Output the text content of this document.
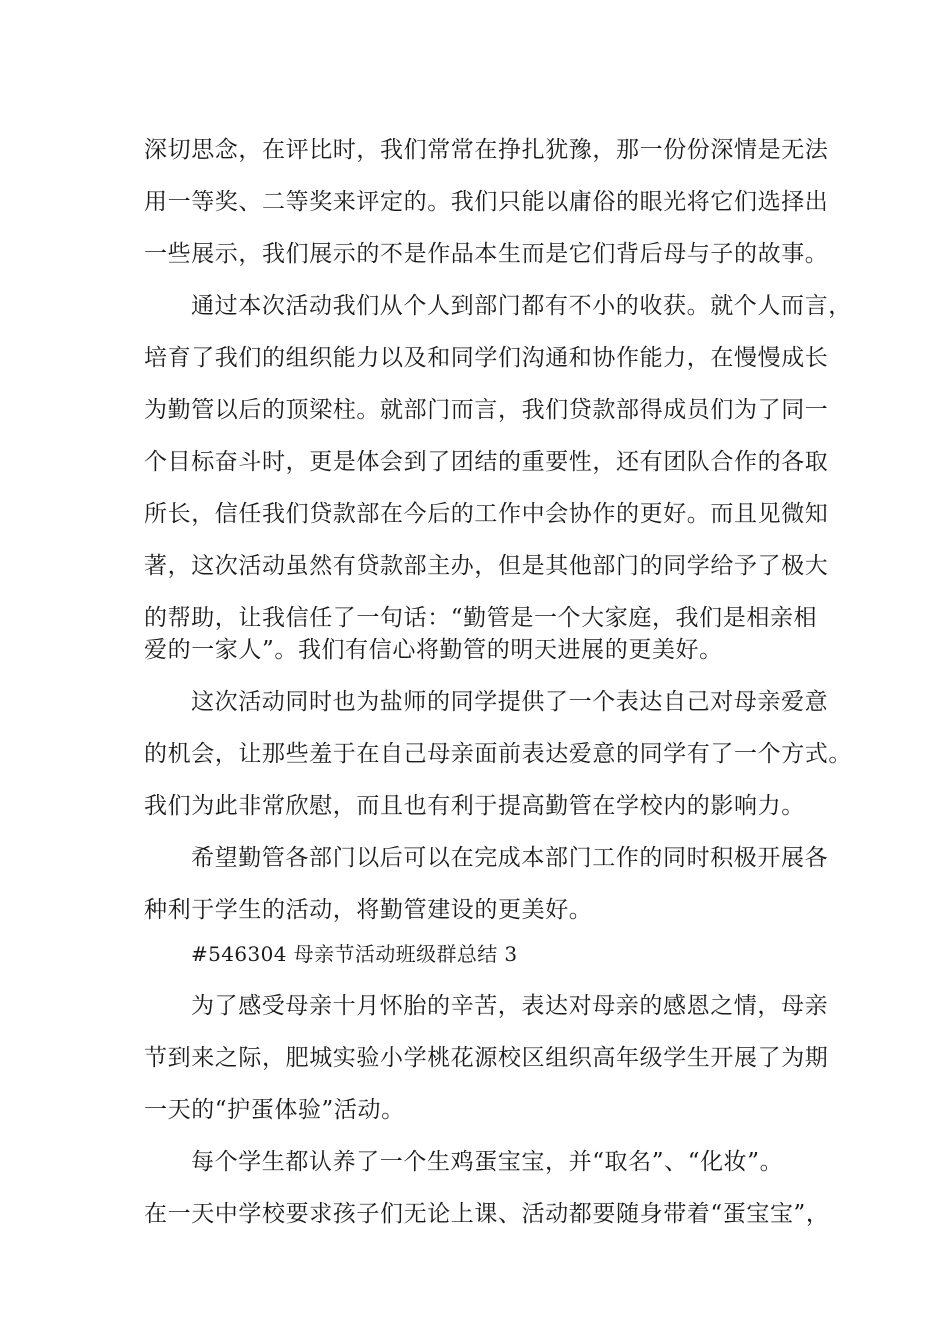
深切思念，在评比时，我们常常在挣扎犹豫，那一份份深情是无法
用一等奖、二等奖来评定的。我们只能以庸俗的眼光将它们选择出
一些展示，我们展示的不是作品本生而是它们背后母与子的故事。
通过本次活动我们从个人到部门都有不小的收获。就个人而言，
培育了我们的组织能力以及和同学们沟通和协作能力，在慢慢成长
为勤管以后的顶梁柱。就部门而言，我们贷款部得成员们为了同一
个目标奋斗时，更是体会到了团结的重要性，还有团队合作的各取
所长，信任我们贷款部在今后的工作中会协作的更好。而且见微知
著，这次活动虽然有贷款部主办，但是其他部门的同学给予了极大
的帮助，让我信任了一句话：“勤管是一个大家庭，我们是相亲相
爱的一家人”。我们有信心将勤管的明天进展的更美好。
这次活动同时也为盐师的同学提供了一个表达自己对母亲爱意
的机会，让那些羞于在自己母亲面前表达爱意的同学有了一个方式。
我们为此非常欣慰，而且也有利于提高勤管在学校内的影响力。
希望勤管各部门以后可以在完成本部门工作的同时积极开展各
种利于学生的活动，将勤管建设的更美好。
#546304 母亲节活动班级群总结 3
为了感受母亲十月怀胎的辛苦，表达对母亲的感恩之情，母亲
节到来之际，肥城实验小学桃花源校区组织高年级学生开展了为期
一天的“护蛋体验”活动。
每个学生都认养了一个生鸡蛋宝宝，并“取名”、“化妆”。
在一天中学校要求孩子们无论上课、活动都要随身带着“蛋宝宝”，
